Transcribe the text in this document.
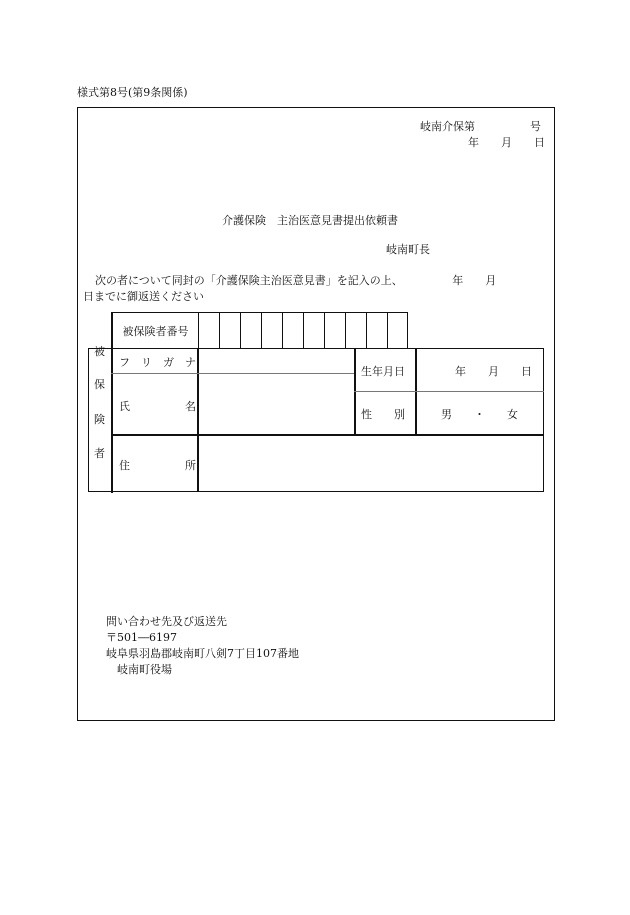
様式第8号(第9条関係)
岐南介保第　　　　　号
年　　月　　日
介護保険　主治医意見書提出依頼書
岐南町長
次の者について同封の「介護保険主治医意見書」を記入の上、　　　　　年　　月
日までに御返送ください
被保険者番号
被
保
険
者
フ　リ　ガ　ナ
氏　　　　　名
住　　　　　所
生年月日
性　　別
年　　月　　日
男　　・　　女
問い合わせ先及び返送先
〒501―6197
岐阜県羽島郡岐南町八剣7丁目107番地
岐南町役場
